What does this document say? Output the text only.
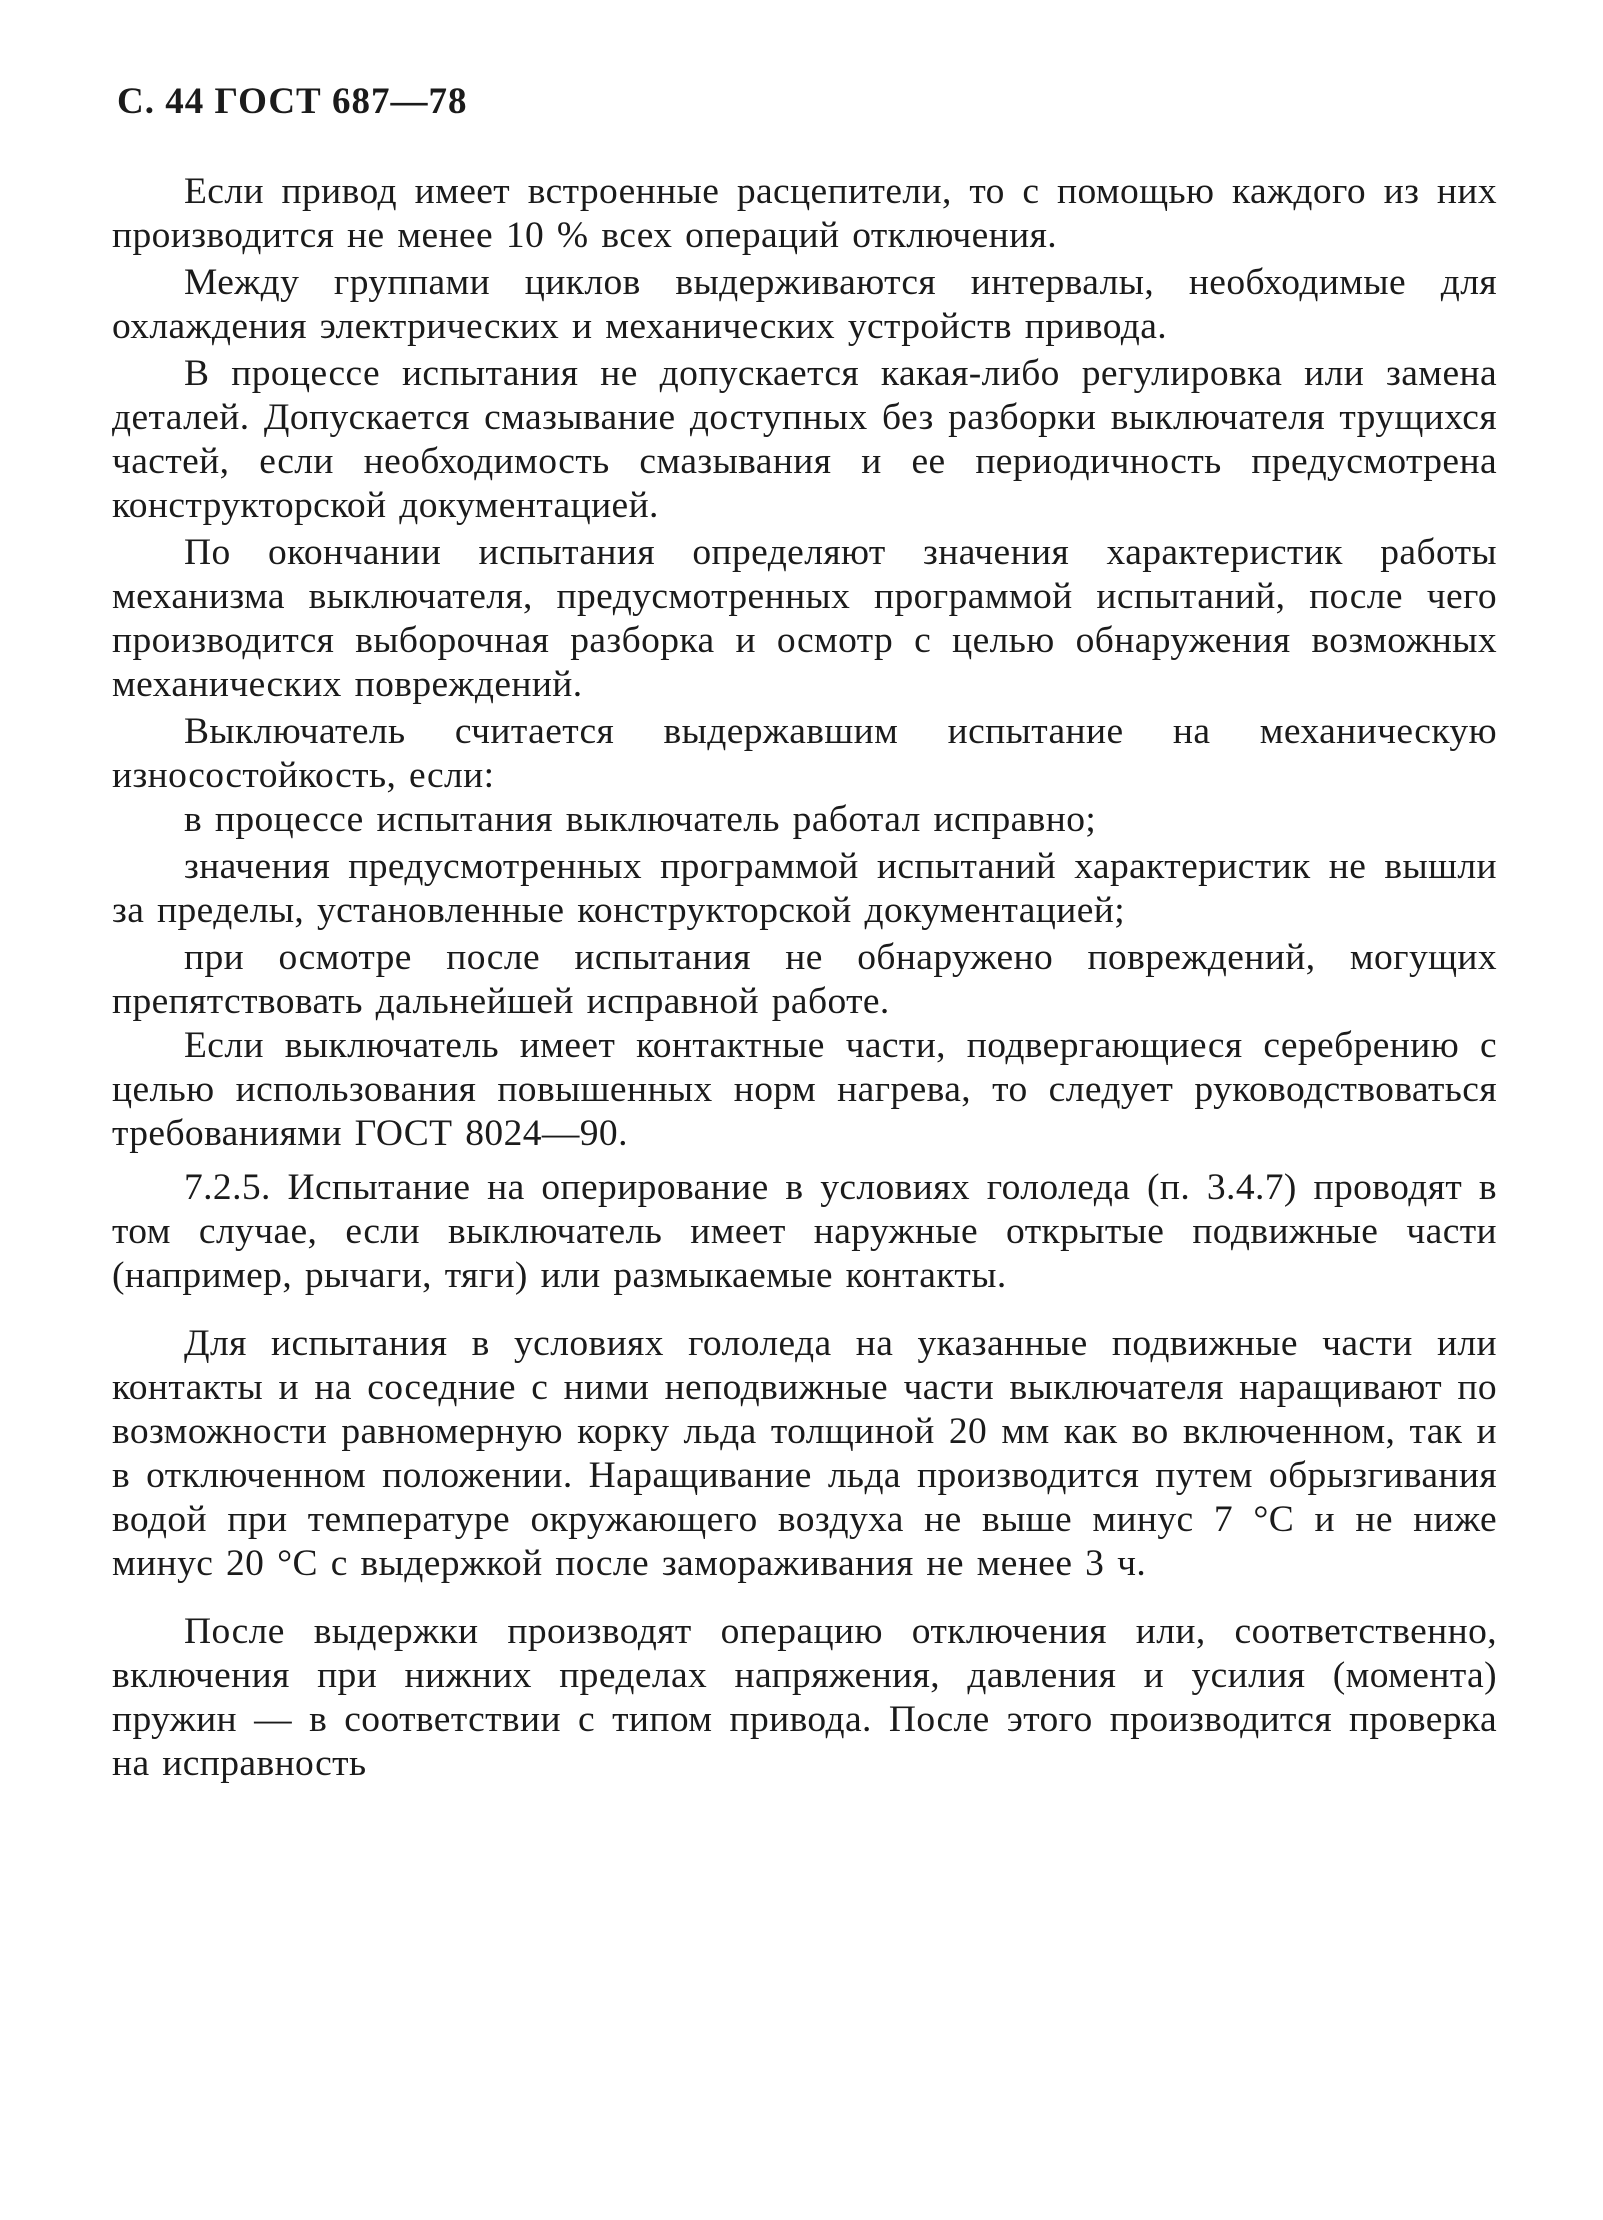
С. 44 ГОСТ 687—78

Если привод имеет встроенные расцепители, то с помощью каждого из них производится не менее 10 % всех операций отключения.

Между группами циклов выдерживаются интервалы, необходимые для охлаждения электрических и механических устройств привода.

В процессе испытания не допускается какая-либо регулировка или замена деталей. Допускается смазывание доступных без разборки выключателя трущихся частей, если необходимость смазывания и ее периодичность предусмотрена конструкторской документацией.

По окончании испытания определяют значения характеристик работы механизма выключателя, предусмотренных программой испытаний, после чего производится выборочная разборка и осмотр с целью обнаружения возможных механических повреждений.

Выключатель считается выдержавшим испытание на механическую износостойкость, если:

в процессе испытания выключатель работал исправно;

значения предусмотренных программой испытаний характеристик не вышли за пределы, установленные конструкторской документацией;

при осмотре после испытания не обнаружено повреждений, могущих препятствовать дальнейшей исправной работе.

Если выключатель имеет контактные части, подвергающиеся серебрению с целью использования повышенных норм нагрева, то следует руководствоваться требованиями ГОСТ 8024—90.

7.2.5. Испытание на оперирование в условиях гололеда (п. 3.4.7) проводят в том случае, если выключатель имеет наружные открытые подвижные части (например, рычаги, тяги) или размыкаемые контакты.

Для испытания в условиях гололеда на указанные подвижные части или контакты и на соседние с ними неподвижные части выключателя наращивают по возможности равномерную корку льда толщиной 20 мм как во включенном, так и в отключенном положении. Наращивание льда производится путем обрызгивания водой при температуре окружающего воздуха не выше минус 7 °С и не ниже минус 20 °С с выдержкой после замораживания не менее 3 ч.

После выдержки производят операцию отключения или, соответственно, включения при нижних пределах напряжения, давления и усилия (момента) пружин — в соответствии с типом привода. После этого производится проверка на исправность
